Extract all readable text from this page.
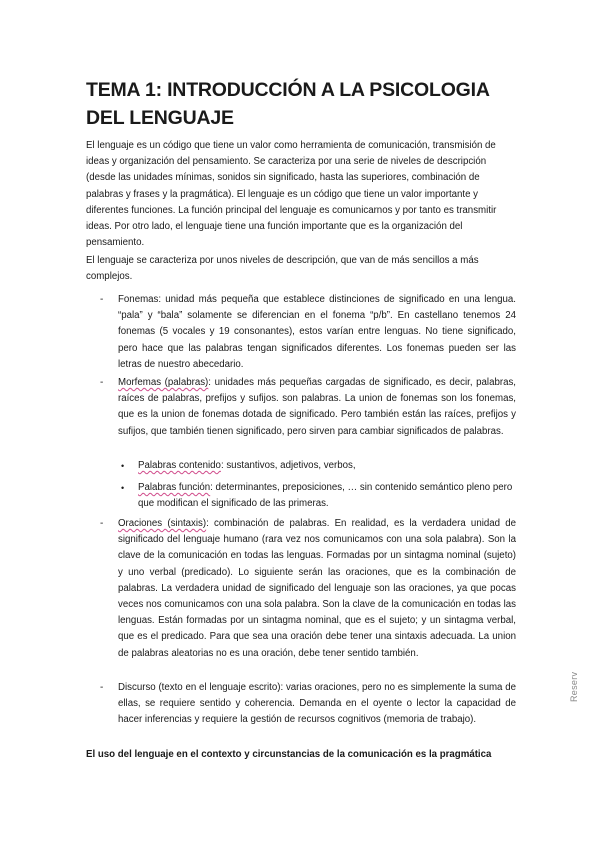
TEMA 1: INTRODUCCIÓN A LA PSICOLOGIA DEL LENGUAJE

El lenguaje es un código que tiene un valor como herramienta de comunicación, transmisión de ideas y organización del pensamiento. Se caracteriza por una serie de niveles de descripción (desde las unidades mínimas, sonidos sin significado, hasta las superiores, combinación de palabras y frases y la pragmática). El lenguaje es un código que tiene un valor importante y diferentes funciones. La función principal del lenguaje es comunicarnos y por tanto es transmitir ideas. Por otro lado, el lenguaje tiene una función importante que es la organización del pensamiento.

El lenguaje se caracteriza por unos niveles de descripción, que van de más sencillos a más complejos.

- Fonemas: unidad más pequeña que establece distinciones de significado en una lengua. “pala” y “bala” solamente se diferencian en el fonema “p/b”. En castellano tenemos 24 fonemas (5 vocales y 19 consonantes), estos varían entre lenguas. No tiene significado, pero hace que las palabras tengan significados diferentes. Los fonemas pueden ser las letras de nuestro abecedario.

- Morfemas (palabras): unidades más pequeñas cargadas de significado, es decir, palabras, raíces de palabras, prefijos y sufijos. son palabras. La union de fonemas son los fonemas, que es la union de fonemas dotada de significado. Pero también están las raíces, prefijos y sufijos, que también tienen significado, pero sirven para cambiar significados de palabras.

• Palabras contenido: sustantivos, adjetivos, verbos,

• Palabras función: determinantes, preposiciones, … sin contenido semántico pleno pero que modifican el significado de las primeras.

- Oraciones (sintaxis): combinación de palabras. En realidad, es la verdadera unidad de significado del lenguaje humano (rara vez nos comunicamos con una sola palabra). Son la clave de la comunicación en todas las lenguas. Formadas por un sintagma nominal (sujeto) y uno verbal (predicado). Lo siguiente serán las oraciones, que es la combinación de palabras. La verdadera unidad de significado del lenguaje son las oraciones, ya que pocas veces nos comunicamos con una sola palabra. Son la clave de la comunicación en todas las lenguas. Están formadas por un sintagma nominal, que es el sujeto; y un sintagma verbal, que es el predicado. Para que sea una oración debe tener una sintaxis adecuada. La union de palabras aleatorias no es una oración, debe tener sentido también.

- Discurso (texto en el lenguaje escrito): varias oraciones, pero no es simplemente la suma de ellas, se requiere sentido y coherencia. Demanda en el oyente o lector la capacidad de hacer inferencias y requiere la gestión de recursos cognitivos (memoria de trabajo).

El uso del lenguaje en el contexto y circunstancias de la comunicación es la pragmática

Reserv
